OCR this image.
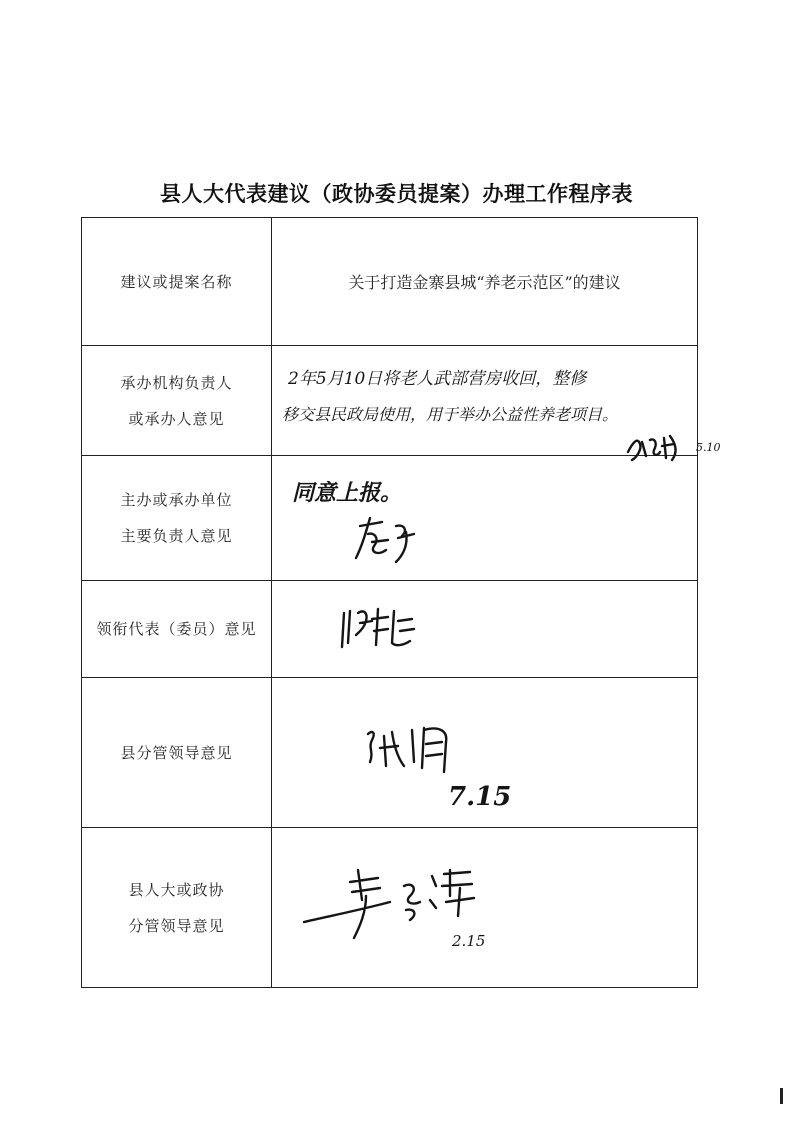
县人大代表建议（政协委员提案）办理工作程序表
建议或提案名称	关于打造金寨县城“养老示范区”的建议

承办机构负责人
或承办人意见	2年5月10日将老人武部营房收回，整修
移交县民政局使用，用于举办公益性养老项目。
5.10

主办或承办单位
主要负责人意见	同意上报。

领衔代表（委员）意见

县分管领导意见	7.15

县人大或政协
分管领导意见	2.15
